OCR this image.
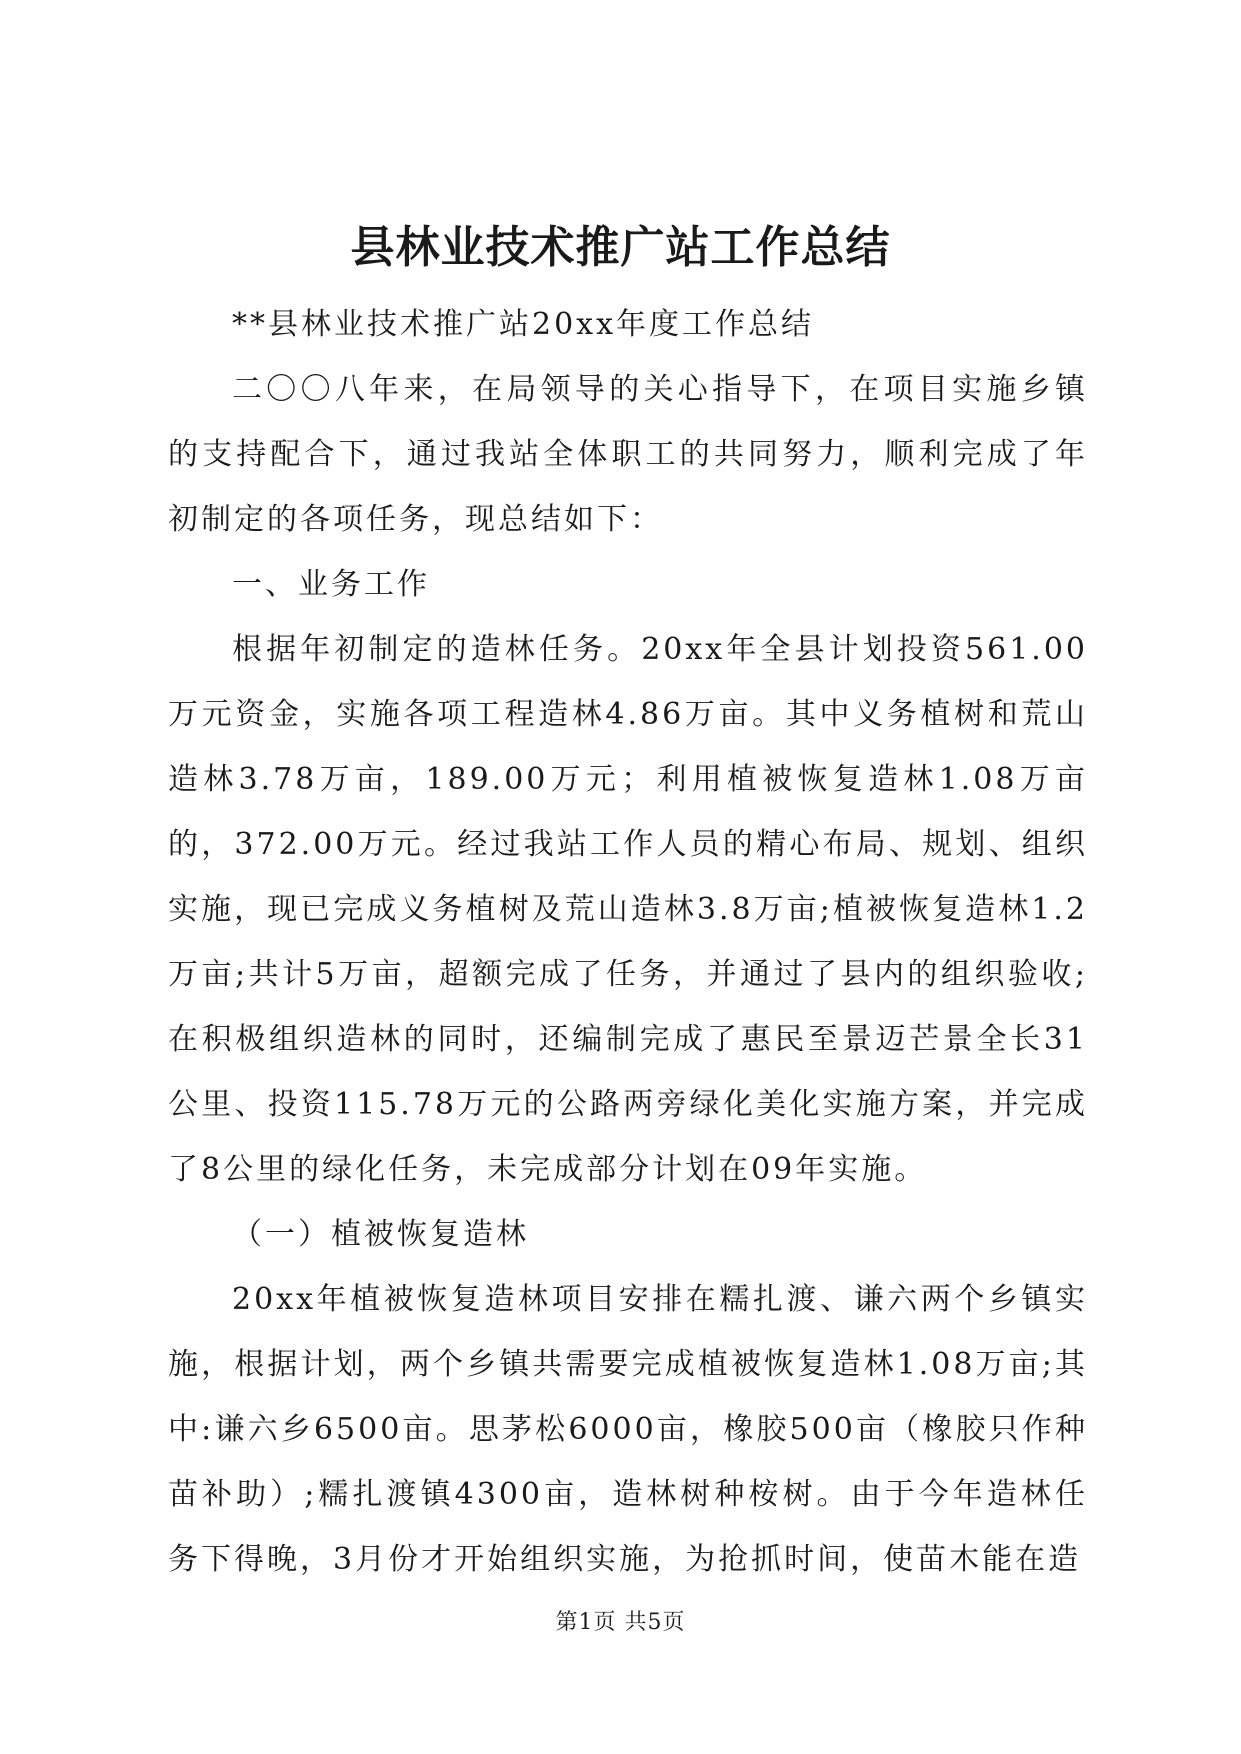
县林业技术推广站工作总结

**县林业技术推广站20xx年度工作总结

二〇〇八年来，在局领导的关心指导下，在项目实施乡镇的支持配合下，通过我站全体职工的共同努力，顺利完成了年初制定的各项任务，现总结如下：

一、业务工作

根据年初制定的造林任务。20xx年全县计划投资561.00万元资金，实施各项工程造林4.86万亩。其中义务植树和荒山造林3.78万亩，189.00万元；利用植被恢复造林1.08万亩的，372.00万元。经过我站工作人员的精心布局、规划、组织实施，现已完成义务植树及荒山造林3.8万亩;植被恢复造林1.2万亩;共计5万亩，超额完成了任务，并通过了县内的组织验收;在积极组织造林的同时，还编制完成了惠民至景迈芒景全长31公里、投资115.78万元的公路两旁绿化美化实施方案，并完成了8公里的绿化任务，未完成部分计划在09年实施。

（一）植被恢复造林

20xx年植被恢复造林项目安排在糯扎渡、谦六两个乡镇实施，根据计划，两个乡镇共需要完成植被恢复造林1.08万亩;其中:谦六乡6500亩。思茅松6000亩，橡胶500亩（橡胶只作种苗补助）;糯扎渡镇4300亩，造林树种桉树。由于今年造林任务下得晚，3月份才开始组织实施，为抢抓时间，使苗木能在造

第1页 共5页
